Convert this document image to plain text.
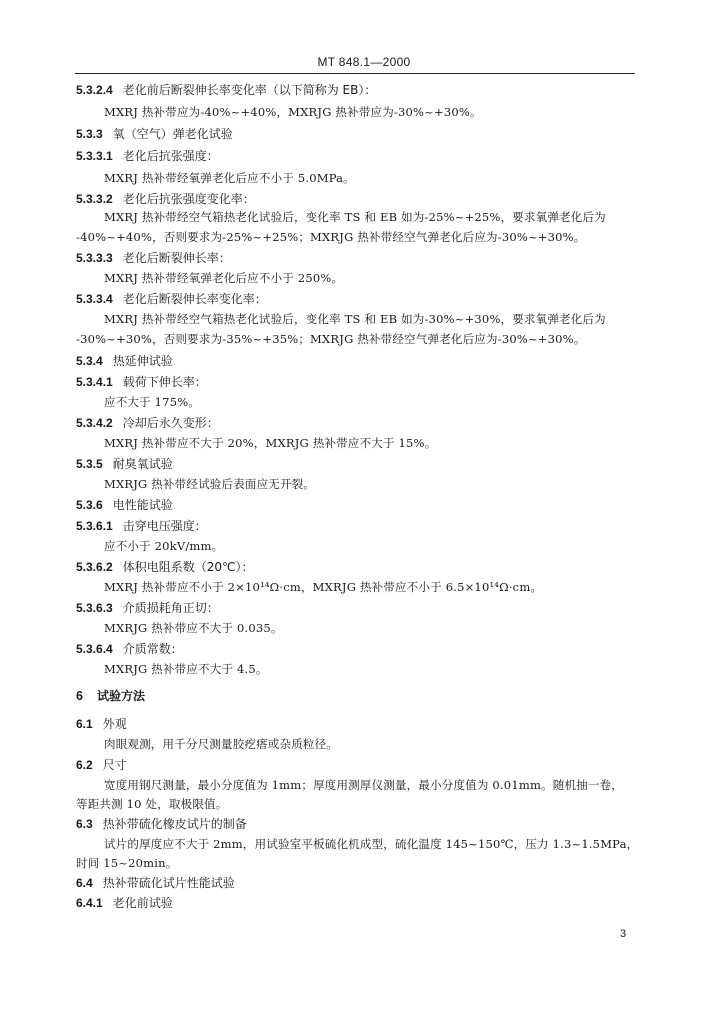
MT 848.1—2000
5.3.2.4 老化前后断裂伸长率变化率（以下简称为 EB）：
MXRJ 热补带应为-40%~+40%，MXRJG 热补带应为-30%~+30%。
5.3.3 氧（空气）弹老化试验
5.3.3.1 老化后抗张强度：
MXRJ 热补带经氧弹老化后应不小于 5.0MPa。
5.3.3.2 老化后抗张强度变化率：
MXRJ 热补带经空气箱热老化试验后，变化率 TS 和 EB 如为-25%~+25%，要求氧弹老化后为
-40%~+40%，否则要求为-25%~+25%；MXRJG 热补带经空气弹老化后应为-30%~+30%。
5.3.3.3 老化后断裂伸长率：
MXRJ 热补带经氧弹老化后应不小于 250%。
5.3.3.4 老化后断裂伸长率变化率：
MXRJ 热补带经空气箱热老化试验后，变化率 TS 和 EB 如为-30%~+30%，要求氧弹老化后为
-30%~+30%，否则要求为-35%~+35%；MXRJG 热补带经空气弹老化后应为-30%~+30%。
5.3.4 热延伸试验
5.3.4.1 载荷下伸长率：
应不大于 175%。
5.3.4.2 冷却后永久变形：
MXRJ 热补带应不大于 20%，MXRJG 热补带应不大于 15%。
5.3.5 耐臭氧试验
MXRJG 热补带经试验后表面应无开裂。
5.3.6 电性能试验
5.3.6.1 击穿电压强度：
应不小于 20kV/mm。
5.3.6.2 体积电阻系数（20℃）：
MXRJ 热补带应不小于 2×10¹⁴Ω·cm，MXRJG 热补带应不小于 6.5×10¹⁴Ω·cm。
5.3.6.3 介质损耗角正切：
MXRJG 热补带应不大于 0.035。
5.3.6.4 介质常数：
MXRJG 热补带应不大于 4.5。
6 试验方法
6.1 外观
肉眼观测，用千分尺测量胶疙瘩或杂质粒径。
6.2 尺寸
宽度用钢尺测量，最小分度值为 1mm；厚度用测厚仪测量，最小分度值为 0.01mm。随机抽一卷，
等距共测 10 处，取极限值。
6.3 热补带硫化橡皮试片的制备
试片的厚度应不大于 2mm，用试验室平板硫化机成型，硫化温度 145~150℃，压力 1.3~1.5MPa，
时间 15~20min。
6.4 热补带硫化试片性能试验
6.4.1 老化前试验
3
